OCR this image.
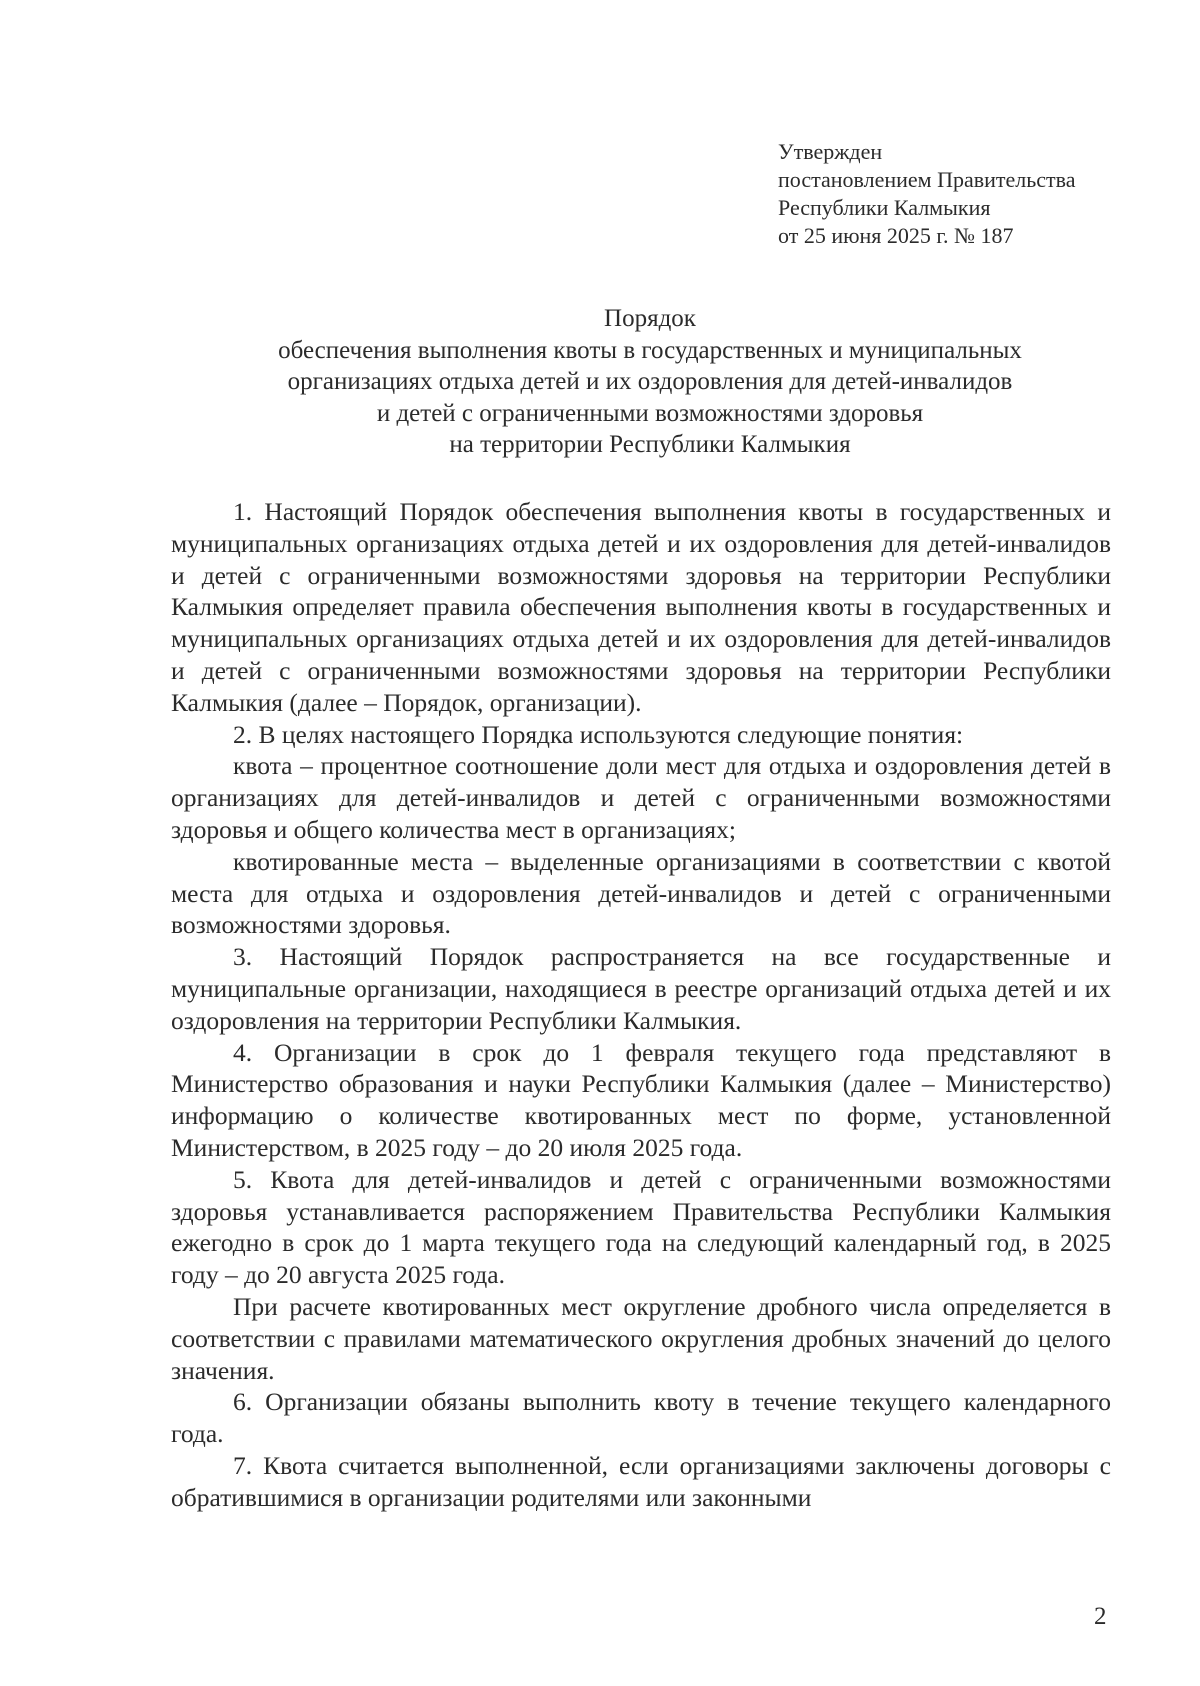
Утвержден
постановлением Правительства
Республики Калмыкия
от 25 июня 2025 г. № 187
Порядок
обеспечения выполнения квоты в государственных и муниципальных
организациях отдыха детей и их оздоровления для детей-инвалидов
и детей с ограниченными возможностями здоровья
на территории Республики Калмыкия

1. Настоящий Порядок обеспечения выполнения квоты в государственных и муниципальных организациях отдыха детей и их оздоровления для детей-инвалидов и детей с ограниченными возможностями здоровья на территории Республики Калмыкия определяет правила обеспечения выполнения квоты в государственных и муниципальных организациях отдыха детей и их оздоровления для детей-инвалидов и детей с ограниченными возможностями здоровья на территории Республики Калмыкия (далее – Порядок, организации).

2. В целях настоящего Порядка используются следующие понятия:

квота – процентное соотношение доли мест для отдыха и оздоровления детей в организациях для детей-инвалидов и детей с ограниченными возможностями здоровья и общего количества мест в организациях;

квотированные места – выделенные организациями в соответствии с квотой места для отдыха и оздоровления детей-инвалидов и детей с ограниченными возможностями здоровья.

3. Настоящий Порядок распространяется на все государственные и муниципальные организации, находящиеся в реестре организаций отдыха детей и их оздоровления на территории Республики Калмыкия.

4. Организации в срок до 1 февраля текущего года представляют в Министерство образования и науки Республики Калмыкия (далее – Министерство) информацию о количестве квотированных мест по форме, установленной Министерством, в 2025 году – до 20 июля 2025 года.

5. Квота для детей-инвалидов и детей с ограниченными возможностями здоровья устанавливается распоряжением Правительства Республики Калмыкия ежегодно в срок до 1 марта текущего года на следующий календарный год, в 2025 году – до 20 августа 2025 года.

При расчете квотированных мест округление дробного числа определяется в соответствии с правилами математического округления дробных значений до целого значения.

6. Организации обязаны выполнить квоту в течение текущего календарного года.

7. Квота считается выполненной, если организациями заключены договоры с обратившимися в организации родителями или законными

2
